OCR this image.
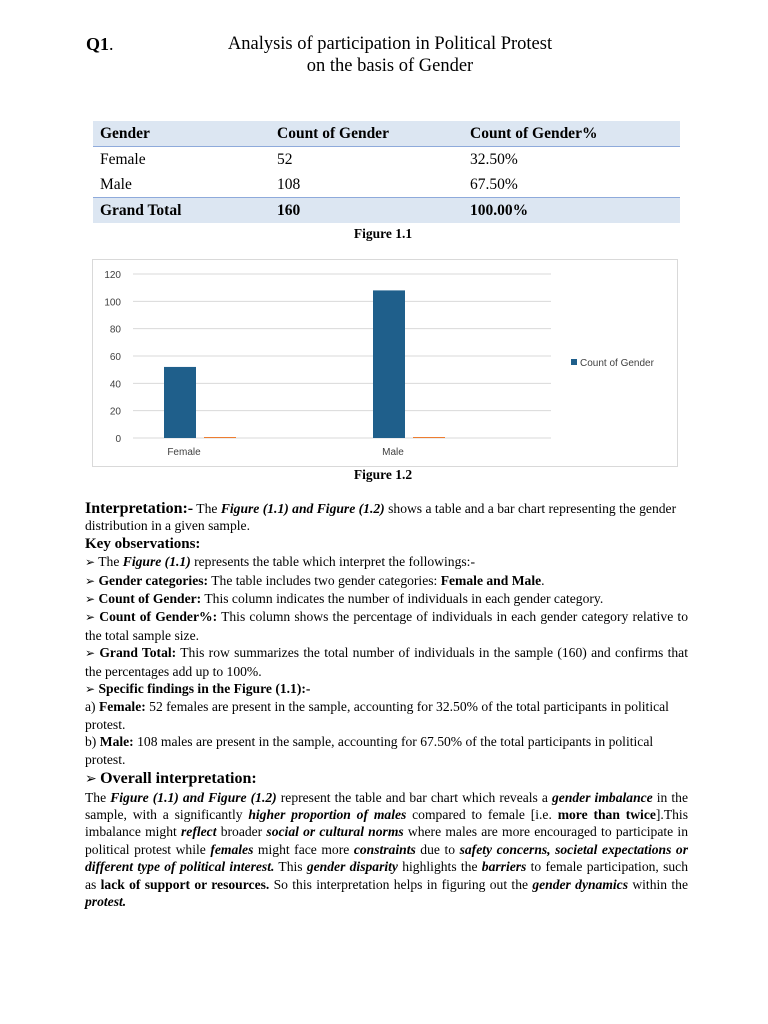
Q1.	Analysis of participation in Political Protest
on the basis of Gender
Gender	Count of Gender	Count of Gender%
Female	52	32.50%
Male	108	67.50%
Grand Total	160	100.00%
Figure 1.1
0
20
40
60
80
100
120
Female	Male
Count of Gender
Figure 1.2

Interpretation:- The Figure (1.1) and Figure (1.2) shows a table and a bar chart representing the gender distribution in a given sample.

Key observations:

➢ The Figure (1.1) represents the table which interpret the followings:-

➢ Gender categories: The table includes two gender categories: Female and Male.

➢ Count of Gender: This column indicates the number of individuals in each gender category.

➢ Count of Gender%: This column shows the percentage of individuals in each gender category relative to the total sample size.

➢ Grand Total: This row summarizes the total number of individuals in the sample (160) and confirms that the percentages add up to 100%.

➢ Specific findings in the Figure (1.1):-

a) Female: 52 females are present in the sample, accounting for 32.50% of the total participants in political protest.

b) Male: 108 males are present in the sample, accounting for 67.50% of the total participants in political protest.

➢ Overall interpretation:

The Figure (1.1) and Figure (1.2) represent the table and bar chart which reveals a gender imbalance in the sample, with a significantly higher proportion of males compared to female [i.e. more than twice].This imbalance might reflect broader social or cultural norms where males are more encouraged to participate in political protest while females might face more constraints due to safety concerns, societal expectations or different type of political interest. This gender disparity highlights the barriers to female participation, such as lack of support or resources. So this interpretation helps in figuring out the gender dynamics within the protest.
